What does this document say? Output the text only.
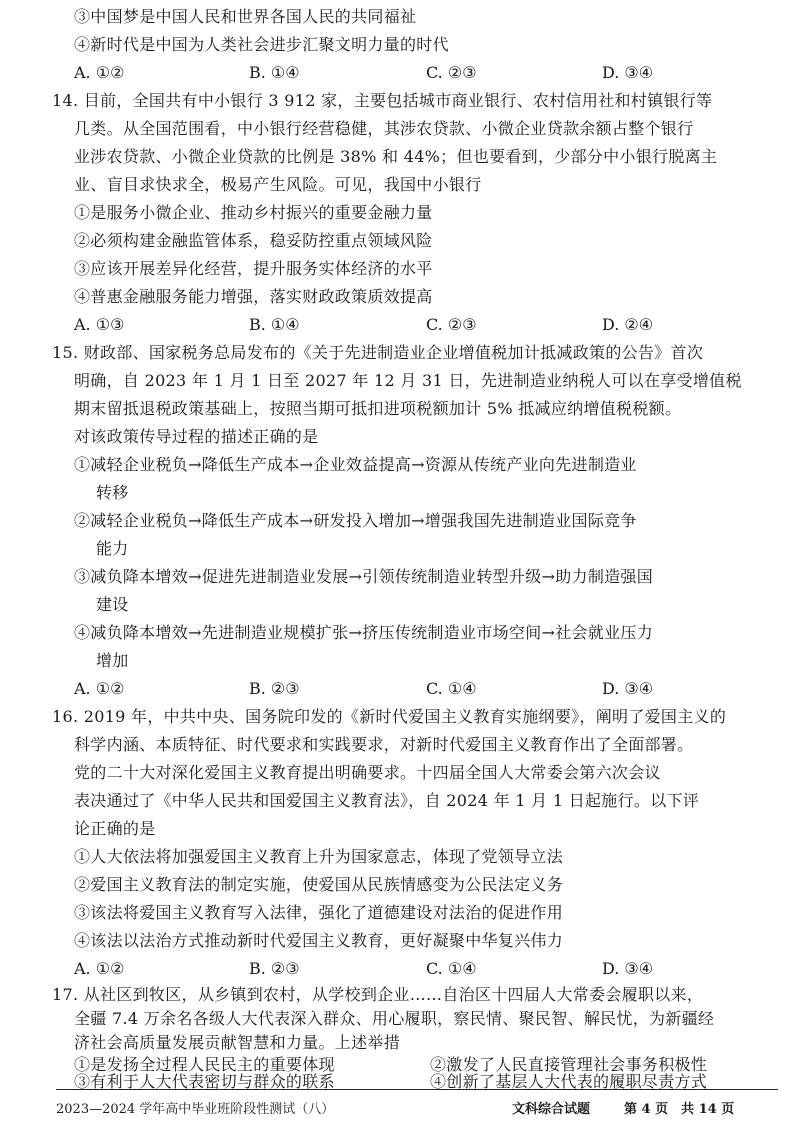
③中国梦是中国人民和世界各国人民的共同福祉
④新时代是中国为人类社会进步汇聚文明力量的时代
A. ①②	B. ①④	C. ②③	D. ③④
14. 目前，全国共有中小银行 3 912 家，主要包括城市商业银行、农村信用社和村镇银行等
几类。从全国范围看，中小银行经营稳健，其涉农贷款、小微企业贷款余额占整个银行
业涉农贷款、小微企业贷款的比例是 38% 和 44%；但也要看到，少部分中小银行脱离主
业、盲目求快求全，极易产生风险。可见，我国中小银行
①是服务小微企业、推动乡村振兴的重要金融力量
②必须构建金融监管体系，稳妥防控重点领域风险
③应该开展差异化经营，提升服务实体经济的水平
④普惠金融服务能力增强，落实财政政策质效提高
A. ①③	B. ①④	C. ②③	D. ②④
15. 财政部、国家税务总局发布的《关于先进制造业企业增值税加计抵减政策的公告》首次
明确，自 2023 年 1 月 1 日至 2027 年 12 月 31 日，先进制造业纳税人可以在享受增值税
期末留抵退税政策基础上，按照当期可抵扣进项税额加计 5% 抵减应纳增值税税额。
对该政策传导过程的描述正确的是
①减轻企业税负→降低生产成本→企业效益提高→资源从传统产业向先进制造业
转移
②减轻企业税负→降低生产成本→研发投入增加→增强我国先进制造业国际竞争
能力
③减负降本增效→促进先进制造业发展→引领传统制造业转型升级→助力制造强国
建设
④减负降本增效→先进制造业规模扩张→挤压传统制造业市场空间→社会就业压力
增加
A. ①②	B. ②③	C. ①④	D. ③④
16. 2019 年，中共中央、国务院印发的《新时代爱国主义教育实施纲要》，阐明了爱国主义的
科学内涵、本质特征、时代要求和实践要求，对新时代爱国主义教育作出了全面部署。
党的二十大对深化爱国主义教育提出明确要求。十四届全国人大常委会第六次会议
表决通过了《中华人民共和国爱国主义教育法》，自 2024 年 1 月 1 日起施行。以下评
论正确的是
①人大依法将加强爱国主义教育上升为国家意志，体现了党领导立法
②爱国主义教育法的制定实施，使爱国从民族情感变为公民法定义务
③该法将爱国主义教育写入法律，强化了道德建设对法治的促进作用
④该法以法治方式推动新时代爱国主义教育，更好凝聚中华复兴伟力
A. ①②	B. ②③	C. ①④	D. ③④
17. 从社区到牧区，从乡镇到农村，从学校到企业……自治区十四届人大常委会履职以来，
全疆 7.4 万余名各级人大代表深入群众、用心履职，察民情、聚民智、解民忧，为新疆经
济社会高质量发展贡献智慧和力量。上述举措
①是发扬全过程人民民主的重要体现	②激发了人民直接管理社会事务积极性
③有利于人大代表密切与群众的联系	④创新了基层人大代表的履职尽责方式
2023—2024 学年高中毕业班阶段性测试（八）	文科综合试题	第 4 页　共 14 页
